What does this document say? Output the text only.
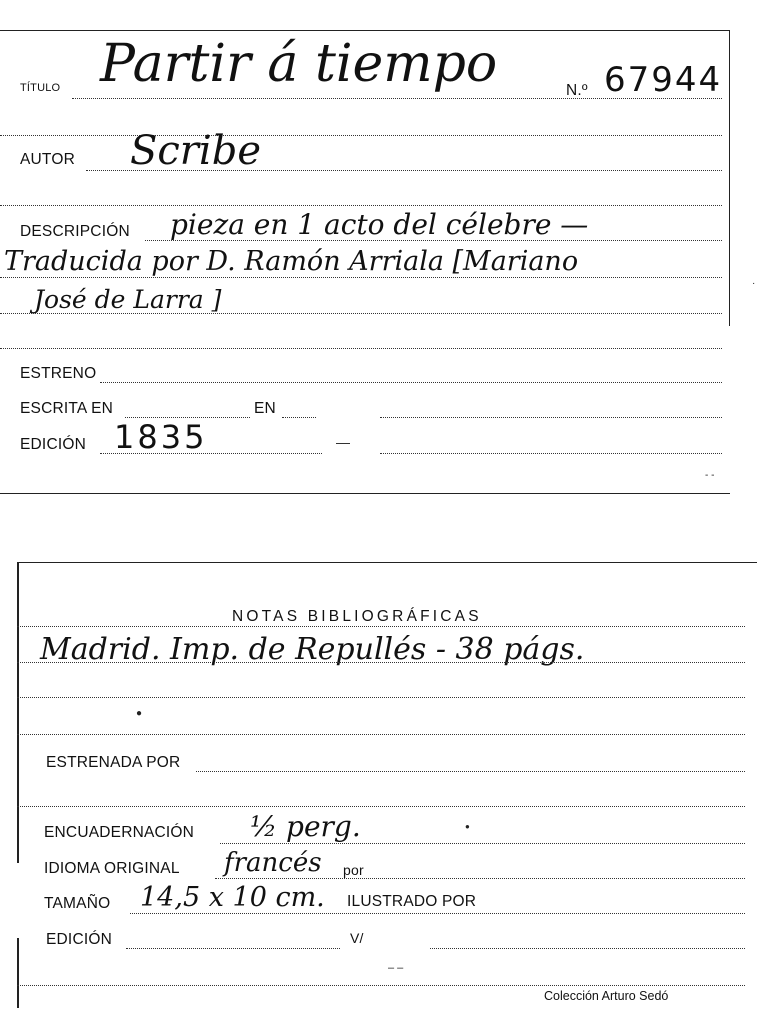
TÍTULO Partir á tiempo	N.º 67944
AUTOR Scribe
DESCRIPCIÓN pieza en 1 acto del célebre —
Traducida por D. Ramón Arriala [Mariano
José de Larra ]
ESTRENO
ESCRITA EN	EN
EDICIÓN 1835
NOTAS BIBLIOGRÁFICAS
Madrid. Imp. de Repullés - 38 págs.
ESTRENADA POR
ENCUADERNACIÓN ½ perg.
IDIOMA ORIGINAL francés por
TAMAÑO 14,5 x 10 cm. ILUSTRADO POR
EDICIÓN	V/
Colección Arturo Sedó
●
●
—
– –
- -
·
